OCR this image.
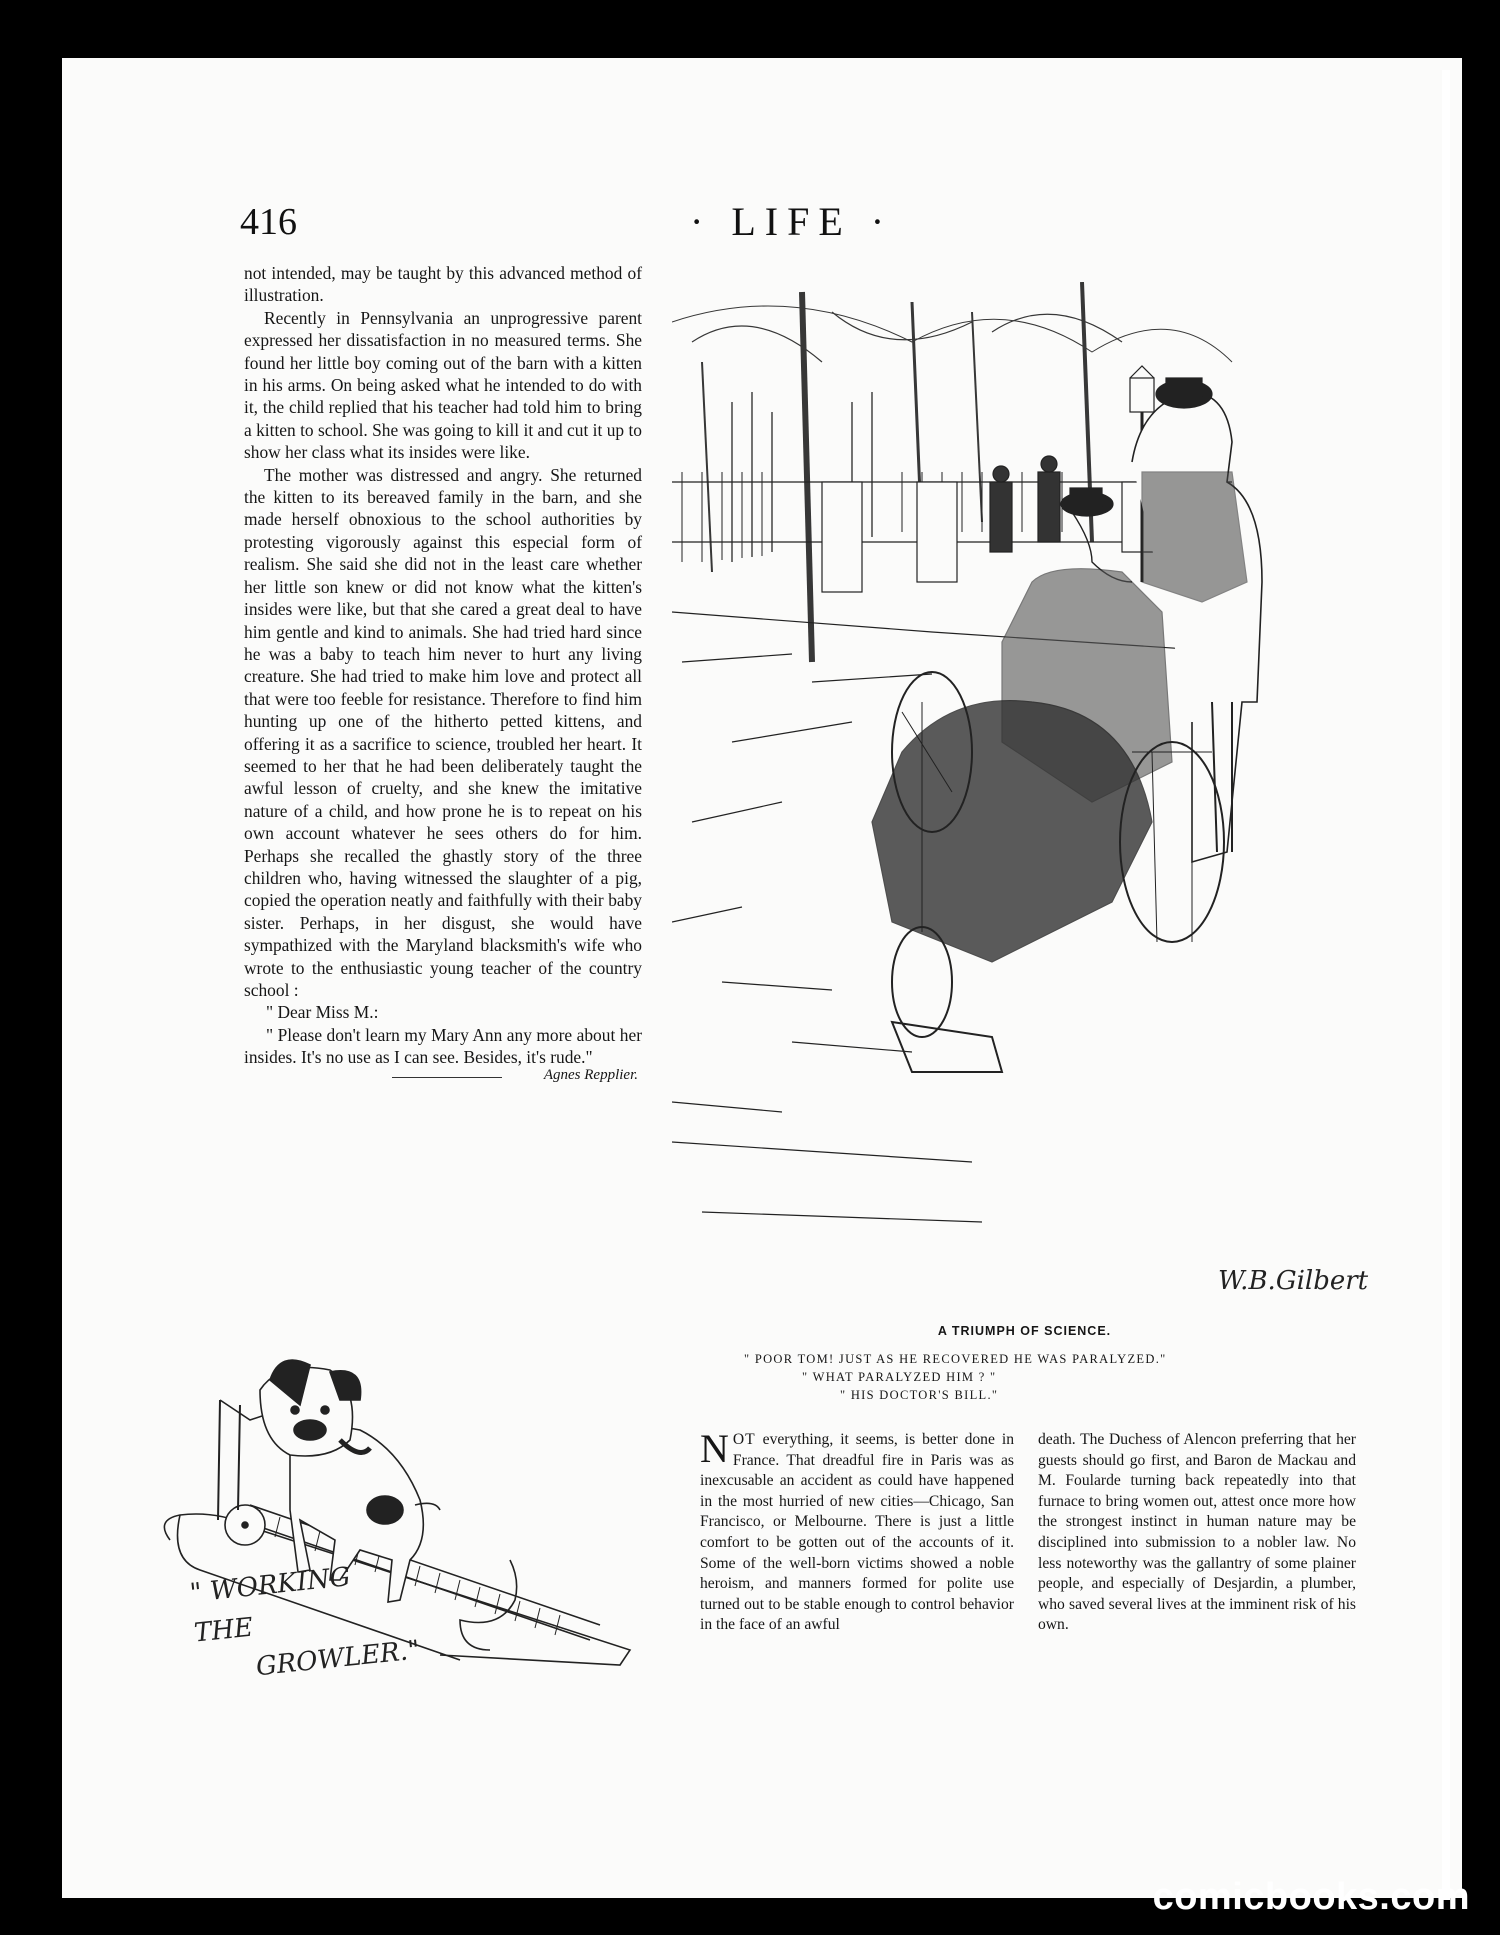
416	· LIFE ·

not intended, may be taught by this advanced method of illustration.

Recently in Pennsylvania an unprogressive parent expressed her dissatisfaction in no measured terms. She found her little boy coming out of the barn with a kitten in his arms. On being asked what he intended to do with it, the child replied that his teacher had told him to bring a kitten to school. She was going to kill it and cut it up to show her class what its insides were like.

The mother was distressed and angry. She returned the kitten to its bereaved family in the barn, and she made herself obnoxious to the school authorities by protesting vigorously against this especial form of realism. She said she did not in the least care whether her little son knew or did not know what the kitten's insides were like, but that she cared a great deal to have him gentle and kind to animals. She had tried hard since he was a baby to teach him never to hurt any living creature. She had tried to make him love and protect all that were too feeble for resistance. Therefore to find him hunting up one of the hitherto petted kittens, and offering it as a sacrifice to science, troubled her heart. It seemed to her that he had been deliberately taught the awful lesson of cruelty, and she knew the imitative nature of a child, and how prone he is to repeat on his own account whatever he sees others do for him. Perhaps she recalled the ghastly story of the three children who, having witnessed the slaughter of a pig, copied the operation neatly and faithfully with their baby sister. Perhaps, in her disgust, she would have sympathized with the Maryland blacksmith's wife who wrote to the enthusiastic young teacher of the country school :

" Dear Miss M.:

" Please don't learn my Mary Ann any more about her insides. It's no use as I can see. Besides, it's rude."

Agnes Repplier.
W.B.Gilbert
A TRIUMPH OF SCIENCE.
" POOR TOM! JUST AS HE RECOVERED HE WAS PARALYZED."
" WHAT PARALYZED HIM ? "
" HIS DOCTOR'S BILL."

NOT everything, it seems, is better done in France. That dreadful fire in Paris was as inexcusable an accident as could have happened in the most hurried of new cities—Chicago, San Francisco, or Melbourne. There is just a little comfort to be gotten out of the accounts of it. Some of the well-born victims showed a noble heroism, and manners formed for polite use turned out to be stable enough to control behavior in the face of an awful

death. The Duchess of Alencon preferring that her guests should go first, and Baron de Mackau and M. Foularde turning back repeatedly into that furnace to bring women out, attest once more how the strongest instinct in human nature may be disciplined into submission to a nobler law. No less noteworthy was the gallantry of some plainer people, and especially of Desjardin, a plumber, who saved several lives at the imminent risk of his own.

" WORKING THE
GROWLER."
comicbooks.com
